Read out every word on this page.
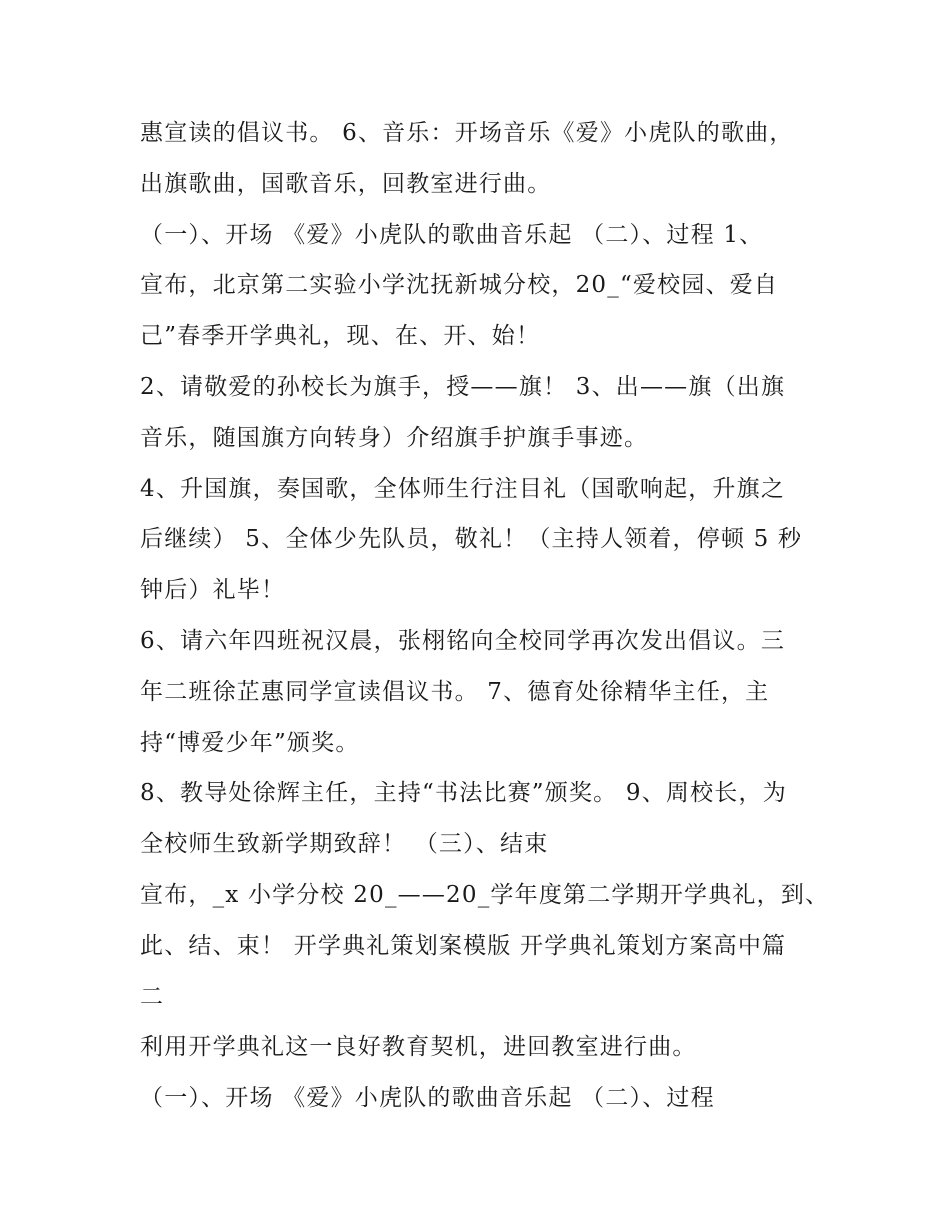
惠宣读的倡议书。 6、音乐：开场音乐《爱》小虎队的歌曲，
出旗歌曲，国歌音乐，回教室进行曲。
（一）、开场 《爱》小虎队的歌曲音乐起 （二）、过程 1、
宣布，北京第二实验小学沈抚新城分校，20_“爱校园、爱自
己”春季开学典礼，现、在、开、始！
2、请敬爱的孙校长为旗手，授——旗！ 3、出——旗（出旗
音乐，随国旗方向转身）介绍旗手护旗手事迹。
4、升国旗，奏国歌，全体师生行注目礼（国歌响起，升旗之
后继续） 5、全体少先队员，敬礼！（主持人领着，停顿 5 秒
钟后）礼毕！
6、请六年四班祝汉晨，张栩铭向全校同学再次发出倡议。三
年二班徐芷惠同学宣读倡议书。 7、德育处徐精华主任，主
持“博爱少年”颁奖。
8、教导处徐辉主任，主持“书法比赛”颁奖。 9、周校长，为
全校师生致新学期致辞！ （三）、结束
宣布，_x 小学分校 20_——20_学年度第二学期开学典礼，到、
此、结、束！ 开学典礼策划案模版 开学典礼策划方案高中篇
二
利用开学典礼这一良好教育契机，进回教室进行曲。
（一）、开场 《爱》小虎队的歌曲音乐起 （二）、过程
